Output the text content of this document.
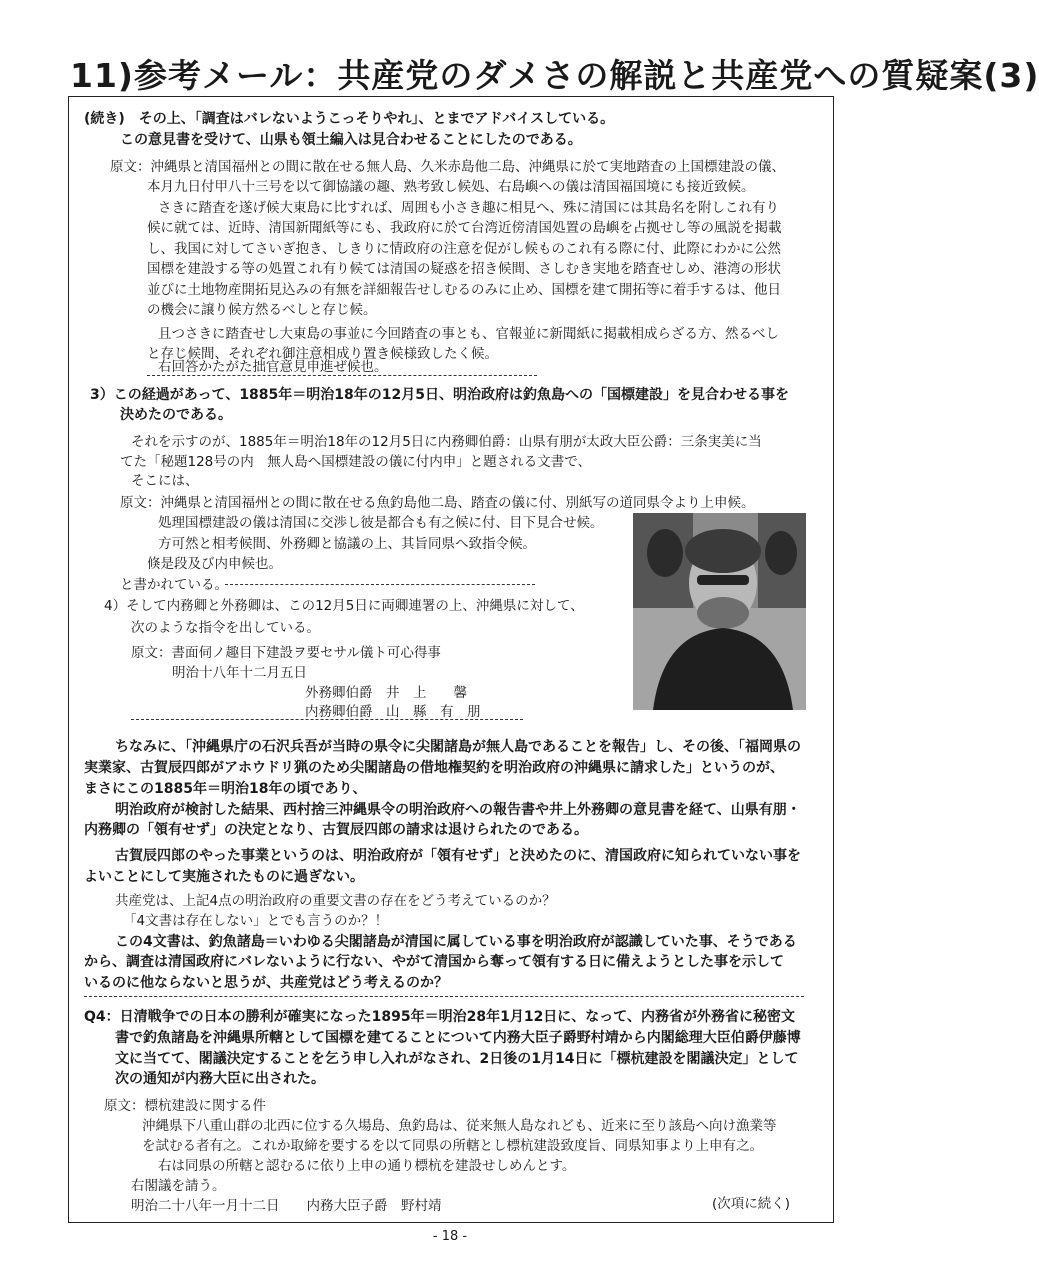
11)参考メール：共産党のダメさの解説と共産党への質疑案(3)
(続き)　その上、「調査はバレないようこっそりやれ」、とまでアドバイスしている。
この意見書を受けて、山県も領土編入は見合わせることにしたのである。
原文：沖縄県と清国福州との間に散在せる無人島、久米赤島他二島、沖縄県に於て実地踏査の上国標建設の儀、
本月九日付甲八十三号を以て御協議の趣、熟考致し候処、右島嶼への儀は清国福国境にも接近致候。
さきに踏査を遂げ候大東島に比すれば、周囲も小さき趣に相見へ、殊に清国には其島名を附しこれ有り
候に就ては、近時、清国新聞紙等にも、我政府に於て台湾近傍清国処置の島嶼を占拠せし等の風説を掲載
し、我国に対してさいぎ抱き、しきりに情政府の注意を促がし候ものこれ有る際に付、此際にわかに公然
国標を建設する等の処置これ有り候ては清国の疑惑を招き候間、さしむき実地を踏査せしめ、港湾の形状
並びに土地物産開拓見込みの有無を詳細報告せしむるのみに止め、国標を建て開拓等に着手するは、他日
の機会に譲り候方然るべしと存じ候。
且つさきに踏査せし大東島の事並に今回踏査の事とも、官報並に新聞紙に掲載相成らざる方、然るべし
と存じ候間、それぞれ御注意相成り置き候様致したく候。
右回答かたがた拙官意見申進ぜ候也。
3）この経過があって、1885年＝明治18年の12月5日、明治政府は釣魚島への「国標建設」を見合わせる事を
決めたのである。
それを示すのが、1885年＝明治18年の12月5日に内務卿伯爵：山県有朋が太政大臣公爵：三条実美に当
てた「秘題128号の内　無人島へ国標建設の儀に付内申」と題される文書で、
そこには、
原文：沖縄県と清国福州との間に散在せる魚釣島他二島、踏査の儀に付、別紙写の道同県令より上申候。
処理国標建設の儀は清国に交渉し彼是都合も有之候に付、目下見合せ候。
方可然と相考候間、外務卿と協議の上、其旨同県へ致指令候。
倏是段及び内申候也。
と書かれている。
4）そして内務卿と外務卿は、この12月5日に両卿連署の上、沖縄県に対して、
次のような指令を出している。
原文：書面伺ノ趣目下建設ヲ要セサル儀ト可心得事
明治十八年十二月五日
外務卿伯爵　井　上　　馨
内務卿伯爵　山　縣　有　朋
ちなみに、「沖縄県庁の石沢兵吾が当時の県令に尖閣諸島が無人島であることを報告」し、その後、「福岡県の
実業家、古賀辰四郎がアホウドリ猟のため尖閣諸島の借地権契約を明治政府の沖縄県に請求した」というのが、
まさにこの1885年＝明治18年の頃であり、
明治政府が検討した結果、西村捨三沖縄県令の明治政府への報告書や井上外務卿の意見書を経て、山県有朋・
内務卿の「領有せず」の決定となり、古賀辰四郎の請求は退けられたのである。
古賀辰四郎のやった事業というのは、明治政府が「領有せず」と決めたのに、清国政府に知られていない事を
よいことにして実施されたものに過ぎない。
共産党は、上記4点の明治政府の重要文書の存在をどう考えているのか？
「4文書は存在しない」とでも言うのか？！
この4文書は、釣魚諸島＝いわゆる尖閣諸島が清国に属している事を明治政府が認識していた事、そうである
から、調査は清国政府にバレないように行ない、やがて清国から奪って領有する日に備えようとした事を示して
いるのに他ならないと思うが、共産党はどう考えるのか？
Q4：日清戦争での日本の勝利が確実になった1895年＝明治28年1月12日に、なって、内務省が外務省に秘密文
書で釣魚諸島を沖縄県所轄として国標を建てることについて内務大臣子爵野村靖から内閣総理大臣伯爵伊藤博
文に当てて、閣議決定することを乞う申し入れがなされ、2日後の1月14日に「標杭建設を閣議決定」として
次の通知が内務大臣に出された。
原文：標杭建設に関する件
沖縄県下八重山群の北西に位する久場島、魚釣島は、従来無人島なれども、近来に至り該島へ向け漁業等
を試むる者有之。これか取締を要するを以て同県の所轄とし標杭建設致度旨、同県知事より上申有之。
右は同県の所轄と認むるに依り上申の通り標杭を建設せしめんとす。
右閣議を請う。
明治二十八年一月十二日　　内務大臣子爵　野村靖	(次項に続く)
- 18 -
